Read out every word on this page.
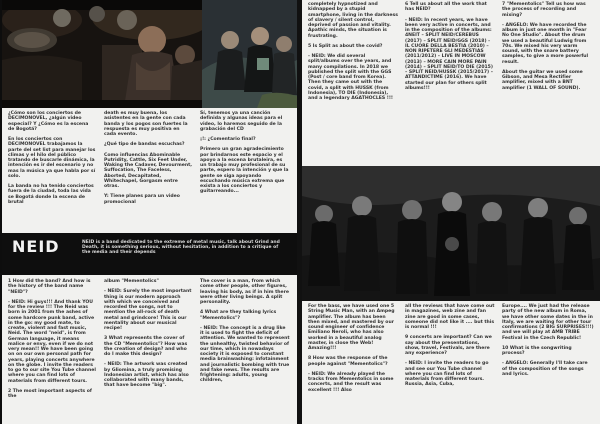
¿Cómo son los conciertos de DECIMONOVEL, ¿algún video especial? Y ¿Cómo es la escena de Bogotá?

En los conciertos con DECIMONOVEL trabajamos la parte del set list para manejar los climas y el hilo del público tratando de buscarle dinámica, la intención es ir del escenario y no mas la música ya que habla por sí solo.

La banda no ha tenido conciertos fuera de la ciudad, toda las vida se Bogotá donde la escena de brutal

death es muy buena, los asistentes en la gente con cada banda y los pogos son fuertes la respuesta es muy positiva en cada evento.

¿Qué tipo de bandas escuchas?

Como influencias Abominable Putridity, Cattle, Six Feet Under, Waking the Cadaver, Devourment, Suffocation, The Faceless, Aborted, Decapitated, Whitechapel, Gorgasm entre otras.

Y: Tiene planes para un video promocional

Sí, tenemos ya una canción definida y algunas ideas para el video, lo haremos seguido de la grabación del CD

¡!: ¿Comentario final?

Primero un gran agradecimiento por brindarnos este espacio y el apoyo a la escena brutaleira, es un trabajo muy profesional de su parte, espero la intención y que la gente se siga apoyando escuchando música extrema que exista a los conciertos y guitarreando...

NEID	NEID is a band dedicated to the extreme of metal music, talk about Grind and Death, it is something serious, without hesitation, in addition to a critique of the media and their depends

1 How did the band? And how is the history of the band name "NEID"?

- NEID: Hi guys!!! And thank YOU for the review !!! The Neid was born in 2001 from the ashes of some hardcore punk band, active in the go: my good mate, to create, violent and fast music, Neid. The word "neid", is from German language, it means malice or envy, even if we do not very mean!! We have been going on on our own personal path for years, playing concerts anywhere on the globe. I invite the readers to go to our site You Tube channel where you can find lots of materials from different tours.

2 The most important aspects of the

album "Mementolics"

- NEID: Surely the most important thing is our modern approach with which we conceived and recorded the songs, not to mention the all-rock of death metal and grindcore! This is our mentality about our musical recipe!

3 What represents the cover of the CD "Mementolics"? How was the creation of design? and who do I make this design?

- NEID: The artwork was created by Gliomina, a truly promising Indonesian artist, which has also collaborated with many bands, that have become "big".

The cover is a man, from which come other people, other figures, leaving his body, as if in him there were other living beings. A split personality.

4 What are they talking lyrics "Mementolics"?

- NEID: The concept is a drug like it is used to fight the deficit of attention. We wanted to represent the unhealthy, twisted behavior of our time, which in nowadays society it is exposed to constant media brainwashing: infotainment and journalistic bombing with true and fake news. The results are frightening: adults, young children,

completely hypnotized and kidnapped by a stupid smartphone, living in the darkness of slavery / silent control, deprived of passion and vitality. Apathic minds, the situation is frustrating.

5 Is Split as about the covid?

- NEID: We did several split/albums over the years, and many compilations. In 2018 we published the split with the GGS (Post / core band from Korea). Then they came out with the covid, a split with HUSSK (from Indonesia), TO DIE (Indonesia), and a legendary AGATHOCLES !!!

6 Tell us about all the work that has NEID?

- NEID: In recent years, we have been very active in concerts, and in the composition of the albums: 4NEIT – SPLIT NEID/CEREBUS (2017) – SPLIT NEID/GGS (2018) - IL CUORE DELLA BESTIA (2010) – NON RIPETERE GLI MEDESTIAS (2011/2012) – LIVE IN MOSCOW (2013) – MORE CAIN MORE PAIN (2014) – SPLIT NEID/TO DIE (2015) – SPLIT NEID/HUSSK (2015/2017) – ATTANDICTIME (2016). We have started our plan for others split albums!!!

7 "Mementolics" Tell us how was the process of recording and mixing?

- ANGELO: We have recorded the album in just one month in "Fear No One Studio". About the drum we used a beautiful Ludwig from 70s. We mixed his very warm sound, with the snare battery samples, to give a more powerful result.

About the guitar we used some Gibson, and Mesa Rectifier amplifier, mixed with a BNT amplifier (1 WALL OF SOUND).

For the bass, we have used one 5 String Music Man, with an Ampeg amplifier. The album has been then mixed, and mastered by our sound engineer of confidence Emiliano Neroli, who has also worked in a beautiful analog master, in close the Web! Amazing!!!

8 How was the response of the people against "Mementolics"?

- NEID: We already played the tracks from Mementolics in some concerts, and the result was excellent !!! Also

all the reviews that have come out in magazines, web zine and fan zine are good in some cases, someone did not like it .... but this is normal !!!

9 concerts are important? Can we say about the presentations, show, travel, Festivals, are there any experience?

- NEID: I invite the readers to go and see our You Tube channel where you can find lots of materials from different tours. Russia, Asia, Cuba,

Europe.... We just had the release party of the new album in Roma, we have other some dates in the in Italy, we are waiting for other tour confirmations (2 BIG SURPRISES!!!) and we will play at AMB TRIBE Festival in the Czech Republic!

10 What is the songwriting process?

- ANGELO: Generally I'll take care of the composition of the songs and lyrics.
